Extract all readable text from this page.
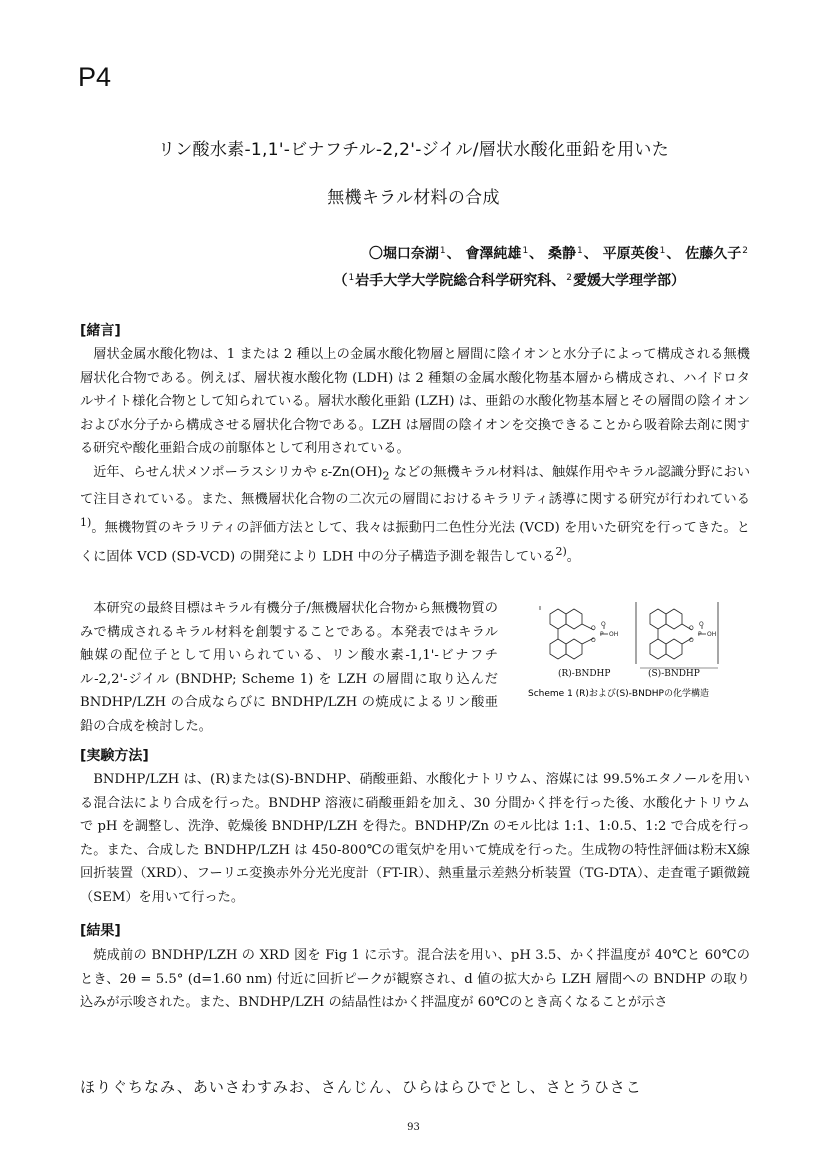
P4
リン酸水素-1,1'-ビナフチル-2,2'-ジイル/層状水酸化亜鉛を用いた
無機キラル材料の合成
〇堀口奈湖$^1$、 會澤純雄$^1$、 桑静$^1$、 平原英俊$^1$、 佐藤久子$^2$
（$^1$岩手大学大学院総合科学研究科、$^2$愛媛大学理学部）
[緒言]

層状金属水酸化物は、1 または 2 種以上の金属水酸化物層と層間に陰イオンと水分子によって構成される無機層状化合物である。例えば、層状複水酸化物 (LDH) は 2 種類の金属水酸化物基本層から構成され、ハイドロタルサイト様化合物として知られている。層状水酸化亜鉛 (LZH) は、亜鉛の水酸化物基本層とその層間の陰イオンおよび水分子から構成させる層状化合物である。LZH は層間の陰イオンを交換できることから吸着除去剤に関する研究や酸化亜鉛合成の前駆体として利用されている。

近年、らせん状メソポーラスシリカや $\varepsilon-Zn(OH)_2$ などの無機キラル材料は、触媒作用やキラル認識分野において注目されている。また、無機層状化合物の二次元の層間におけるキラリティ誘導に関する研究が行われている$^{1)}$。無機物質のキラリティの評価方法として、我々は振動円二色性分光法 (VCD) を用いた研究を行ってきた。とくに固体 VCD (SD-VCD) の開発により LDH 中の分子構造予測を報告している$^{2)}$。

本研究の最終目標はキラル有機分子/無機層状化合物から無機物質のみで構成されるキラル材料を創製することである。本発表ではキラル触媒の配位子として用いられている、リン酸水素-1,1'-ビナフチル-2,2'-ジイル (BNDHP; Scheme 1) を LZH の層間に取り込んだ BNDHP/LZH の合成ならびに BNDHP/LZH の焼成によるリン酸亜鉛の合成を検討した。

O
O
P
O
OH
O
O
P
O
OH
(R)-BNDHP	(S)-BNDHP
Scheme 1 (R)および(S)-BNDHPの化学構造
[実験方法]

BNDHP/LZH は、(R)または(S)-BNDHP、硝酸亜鉛、水酸化ナトリウム、溶媒には 99.5%エタノールを用いる混合法により合成を行った。BNDHP 溶液に硝酸亜鉛を加え、30 分間かく拌を行った後、水酸化ナトリウムで pH を調整し、洗浄、乾燥後 BNDHP/LZH を得た。BNDHP/Zn のモル比は 1:1、1:0.5、1:2 で合成を行った。また、合成した BNDHP/LZH は 450-800℃の電気炉を用いて焼成を行った。生成物の特性評価は粉末X線回折装置（XRD）、フーリエ変換赤外分光光度計（FT-IR）、熱重量示差熱分析装置（TG-DTA）、走査電子顕微鏡（SEM）を用いて行った。

[結果]

焼成前の BNDHP/LZH の XRD 図を Fig 1 に示す。混合法を用い、pH 3.5、かく拌温度が 40℃と 60℃のとき、2θ = 5.5° (d=1.60 nm) 付近に回折ピークが観察され、d 値の拡大から LZH 層間への BNDHP の取り込みが示唆された。また、BNDHP/LZH の結晶性はかく拌温度が 60℃のとき高くなることが示さ

ほりぐちなみ、あいさわすみお、さんじん、ひらはらひでとし、さとうひさこ
93
